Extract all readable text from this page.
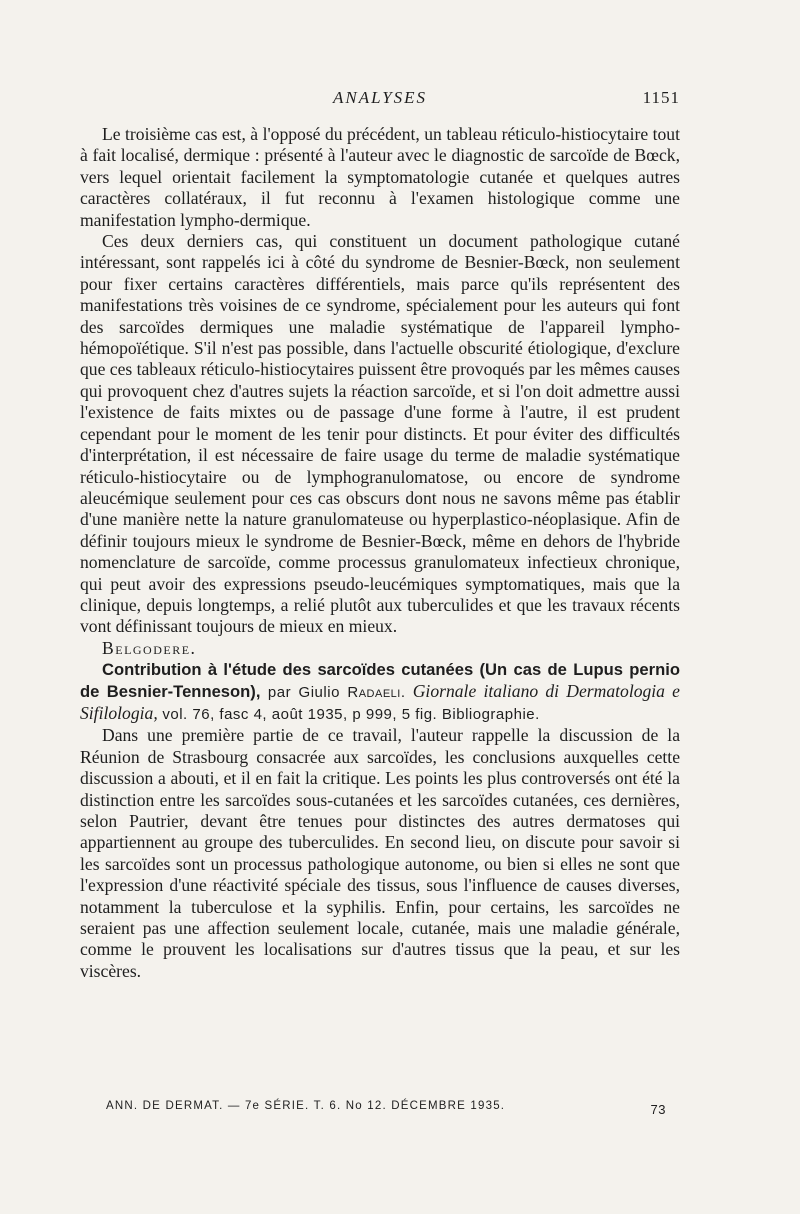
ANALYSES	1151

Le troisième cas est, à l'opposé du précédent, un tableau réticulo-histiocytaire tout à fait localisé, dermique : présenté à l'auteur avec le diagnostic de sarcoïde de Bœck, vers lequel orientait facilement la symptomatologie cutanée et quelques autres caractères collatéraux, il fut reconnu à l'examen histologique comme une manifestation lympho-dermique.

Ces deux derniers cas, qui constituent un document pathologique cutané intéressant, sont rappelés ici à côté du syndrome de Besnier-Bœck, non seulement pour fixer certains caractères différentiels, mais parce qu'ils représentent des manifestations très voisines de ce syndrome, spécialement pour les auteurs qui font des sarcoïdes dermiques une maladie systématique de l'appareil lympho-hémopoïétique. S'il n'est pas possible, dans l'actuelle obscurité étiologique, d'exclure que ces tableaux réticulo-histiocytaires puissent être provoqués par les mêmes causes qui provoquent chez d'autres sujets la réaction sarcoïde, et si l'on doit admettre aussi l'existence de faits mixtes ou de passage d'une forme à l'autre, il est prudent cependant pour le moment de les tenir pour distincts. Et pour éviter des difficultés d'interprétation, il est nécessaire de faire usage du terme de maladie systématique réticulo-histiocytaire ou de lymphogranulomatose, ou encore de syndrome aleucémique seulement pour ces cas obscurs dont nous ne savons même pas établir d'une manière nette la nature granulomateuse ou hyperplastico-néoplasique. Afin de définir toujours mieux le syndrome de Besnier-Bœck, même en dehors de l'hybride nomenclature de sarcoïde, comme processus granulomateux infectieux chronique, qui peut avoir des expressions pseudo-leucémiques symptomatiques, mais que la clinique, depuis longtemps, a relié plutôt aux tuberculides et que les travaux récents vont définissant toujours de mieux en mieux.

Belgodere.

Contribution à l'étude des sarcoïdes cutanées (Un cas de Lupus pernio de Besnier-Tenneson), par Giulio Radaeli. Giornale italiano di Dermatologia e Sifilologia, vol. 76, fasc 4, août 1935, p 999, 5 fig. Bibliographie.

Dans une première partie de ce travail, l'auteur rappelle la discussion de la Réunion de Strasbourg consacrée aux sarcoïdes, les conclusions auxquelles cette discussion a abouti, et il en fait la critique. Les points les plus controversés ont été la distinction entre les sarcoïdes sous-cutanées et les sarcoïdes cutanées, ces dernières, selon Pautrier, devant être tenues pour distinctes des autres dermatoses qui appartiennent au groupe des tuberculides. En second lieu, on discute pour savoir si les sarcoïdes sont un processus pathologique autonome, ou bien si elles ne sont que l'expression d'une réactivité spéciale des tissus, sous l'influence de causes diverses, notamment la tuberculose et la syphilis. Enfin, pour certains, les sarcoïdes ne seraient pas une affection seulement locale, cutanée, mais une maladie générale, comme le prouvent les localisations sur d'autres tissus que la peau, et sur les viscères.

ANN. DE DERMAT. — 7e SÉRIE. T. 6. No 12. DÉCEMBRE 1935.	73
